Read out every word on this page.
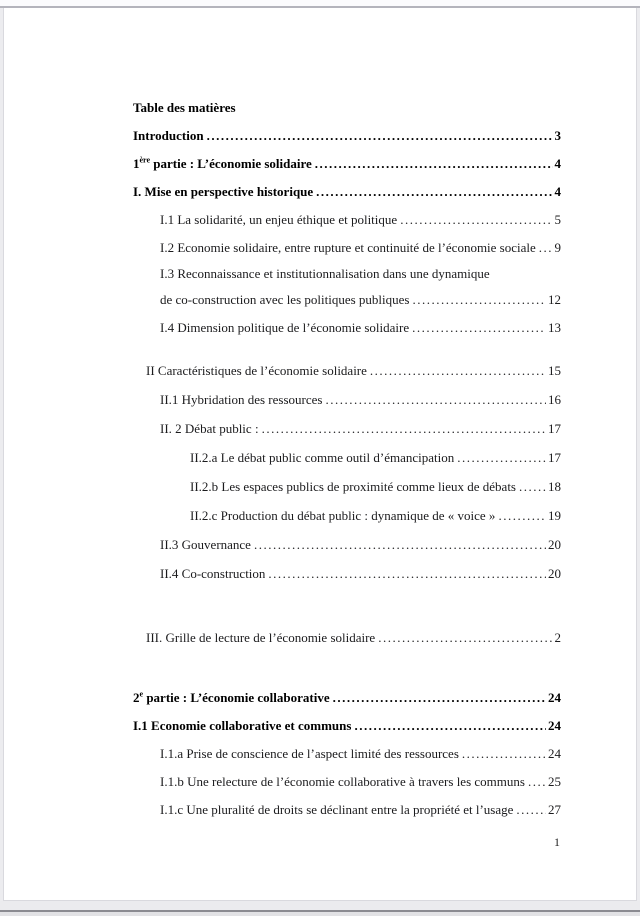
Table des matières
Introduction .....	3
1ère partie : L’économie solidaire .....	4
I. Mise en perspective historique .....	4
I.1 La solidarité, un enjeu éthique et politique .....	5
I.2 Economie solidaire, entre rupture et continuité de l’économie sociale ..... 9
I.3 Reconnaissance et institutionnalisation dans une dynamique
de co-construction avec les politiques publiques .....	12
I.4 Dimension politique de l’économie solidaire .....	13
II Caractéristiques de l’économie solidaire .....	15
II.1 Hybridation des ressources .....	16
II. 2 Débat public : .....	17
II.2.a Le débat public comme outil d’émancipation .....	17
II.2.b Les espaces publics de proximité comme lieux de débats ..... 18
II.2.c Production du débat public : dynamique de « voice » .....	19
II.3 Gouvernance .....	20
II.4 Co-construction .....	20
III. Grille de lecture de l’économie solidaire .....	2
2e partie : L’économie collaborative .....	24
I.1 Economie collaborative et communs .....	24
I.1.a Prise de conscience de l’aspect limité des ressources .....	24
I.1.b Une relecture de l’économie collaborative à travers les communs ..... 25
I.1.c Une pluralité de droits se déclinant entre la propriété et l’usage .....	27
1
